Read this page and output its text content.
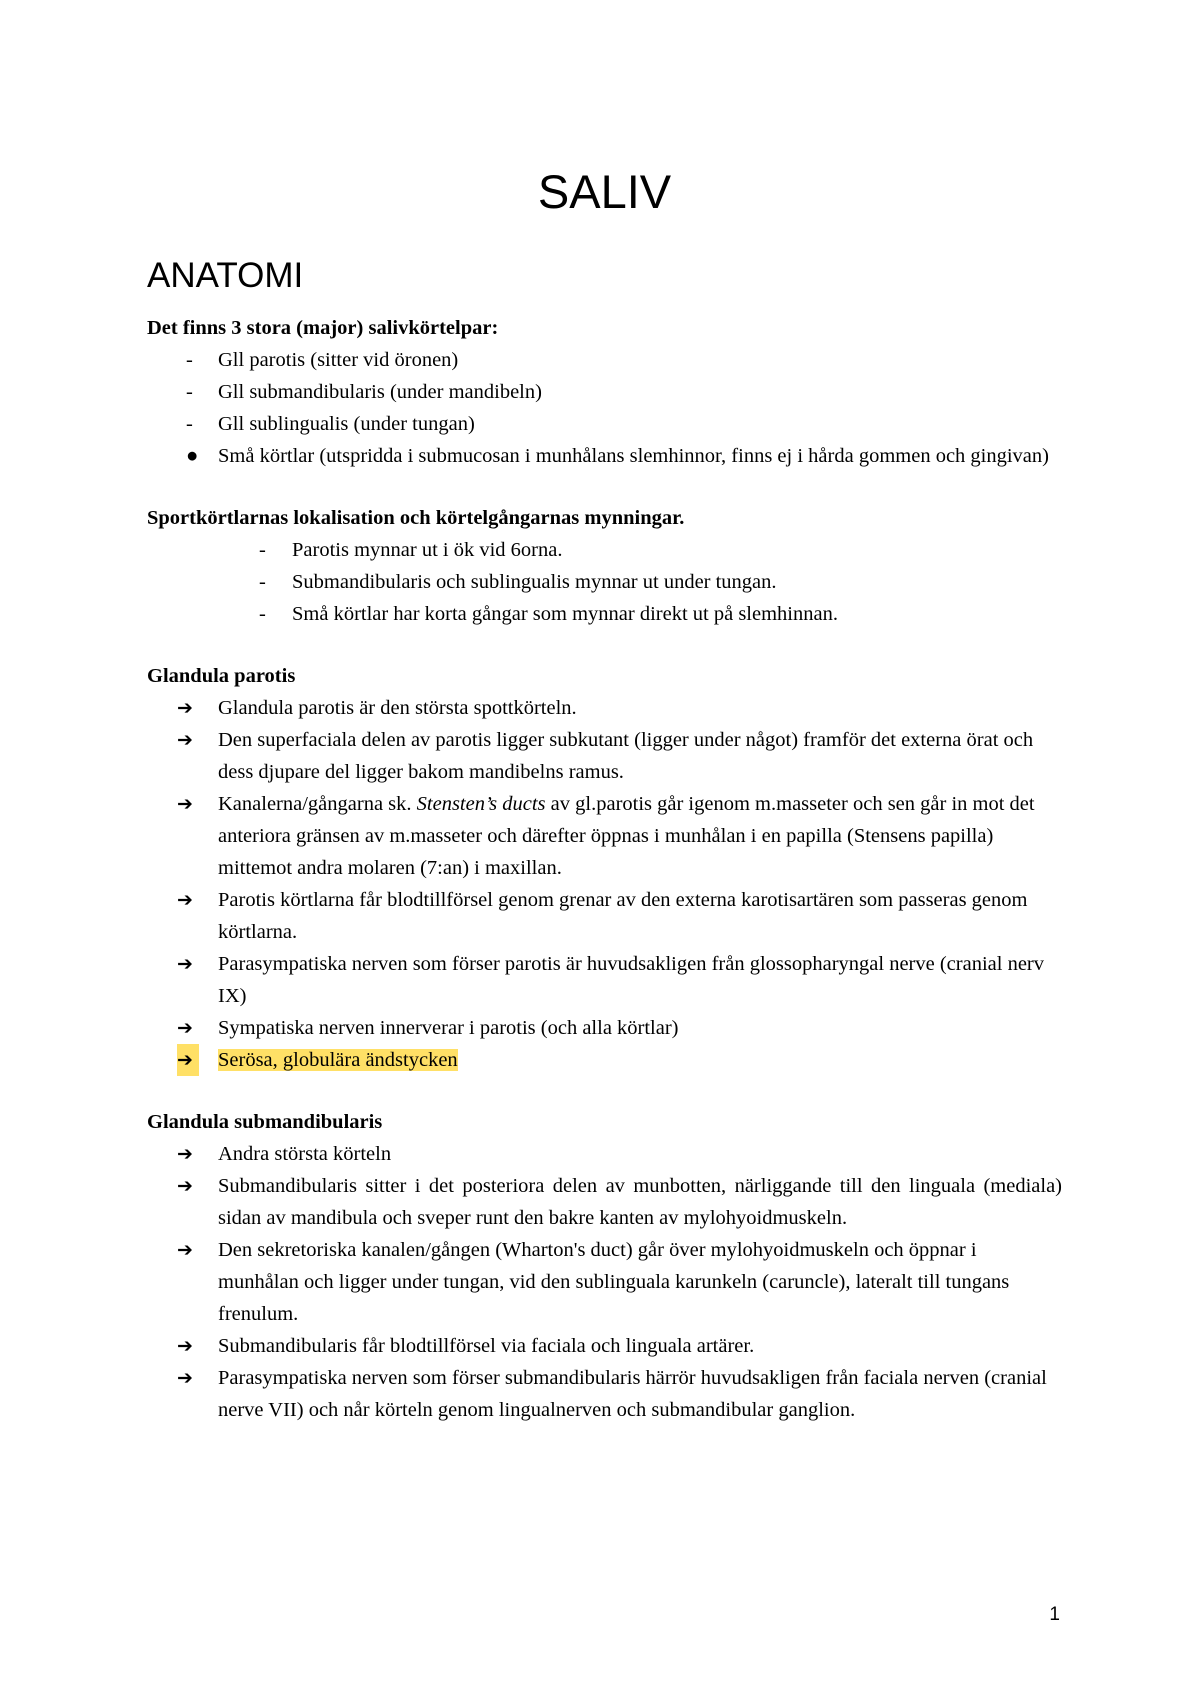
SALIV
ANATOMI

Det finns 3 stora (major) salivkörtelpar:

- Gll parotis (sitter vid öronen)
- Gll submandibularis (under mandibeln)
- Gll sublingualis (under tungan)
● Små körtlar (utspridda i submucosan i munhålans slemhinnor, finns ej i hårda gommen och gingivan)

Sportkörtlarnas lokalisation och körtelgångarnas mynningar.

- Parotis mynnar ut i ök vid 6orna.
- Submandibularis och sublingualis mynnar ut under tungan.
- Små körtlar har korta gångar som mynnar direkt ut på slemhinnan.

Glandula parotis

➔ Glandula parotis är den största spottkörteln.
➔ Den superfaciala delen av parotis ligger subkutant (ligger under något) framför det externa örat och dess djupare del ligger bakom mandibelns ramus.
➔ Kanalerna/gångarna sk. Stensten’s ducts av gl.parotis går igenom m.masseter och sen går in mot det anteriora gränsen av m.masseter och därefter öppnas i munhålan i en papilla (Stensens papilla) mittemot andra molaren (7:an) i maxillan.
➔ Parotis körtlarna får blodtillförsel genom grenar av den externa karotisartären som passeras genom körtlarna.
➔ Parasympatiska nerven som förser parotis är huvudsakligen från glossopharyngal nerve (cranial nerv IX)
➔ Sympatiska nerven innerverar i parotis (och alla körtlar)
➔ Serösa, globulära ändstycken

Glandula submandibularis

➔ Andra största körteln
➔ Submandibularis sitter i det posteriora delen av munbotten, närliggande till den linguala (mediala) sidan av mandibula och sveper runt den bakre kanten av mylohyoidmuskeln.
➔ Den sekretoriska kanalen/gången (Wharton's duct) går över mylohyoidmuskeln och öppnar i munhålan och ligger under tungan, vid den sublinguala karunkeln (caruncle), lateralt till tungans frenulum.
➔ Submandibularis får blodtillförsel via faciala och linguala artärer.
➔ Parasympatiska nerven som förser submandibularis härrör huvudsakligen från faciala nerven (cranial nerve VII) och når körteln genom lingualnerven och submandibular ganglion.
1
